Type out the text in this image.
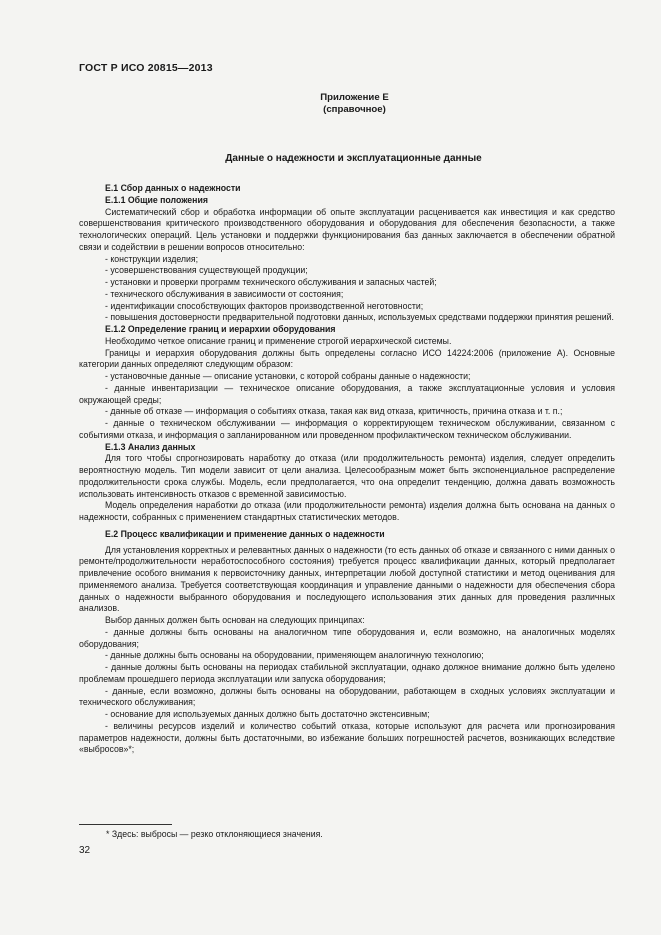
ГОСТ Р ИСО 20815—2013
Приложение Е
(справочное)
Данные о надежности и эксплуатационные данные

Е.1 Сбор данных о надежности

Е.1.1 Общие положения

Систематический сбор и обработка информации об опыте эксплуатации расценивается как инвестиция и как средство совершенствования критического производственного оборудования и оборудования для обеспечения безопасности, а также технологических операций. Цель установки и поддержки функционирования баз данных заключается в обеспечении обратной связи и содействии в решении вопросов относительно:

- конструкции изделия;

- усовершенствования существующей продукции;

- установки и проверки программ технического обслуживания и запасных частей;

- технического обслуживания в зависимости от состояния;

- идентификации способствующих факторов производственной неготовности;

- повышения достоверности предварительной подготовки данных, используемых средствами поддержки принятия решений.

Е.1.2 Определение границ и иерархии оборудования

Необходимо четкое описание границ и применение строгой иерархической системы.

Границы и иерархия оборудования должны быть определены согласно ИСО 14224:2006 (приложение А). Основные категории данных определяют следующим образом:

- установочные данные — описание установки, с которой собраны данные о надежности;

- данные инвентаризации — техническое описание оборудования, а также эксплуатационные условия и условия окружающей среды;

- данные об отказе — информация о событиях отказа, такая как вид отказа, критичность, причина отказа и т. п.;

- данные о техническом обслуживании — информация о корректирующем техническом обслуживании, связанном с событиями отказа, и информация о запланированном или проведенном профилактическом техническом обслуживании.

Е.1.3 Анализ данных

Для того чтобы спрогнозировать наработку до отказа (или продолжительность ремонта) изделия, следует определить вероятностную модель. Тип модели зависит от цели анализа. Целесообразным может быть экспоненциальное распределение продолжительности срока службы. Модель, если предполагается, что она определит тенденцию, должна давать возможность использовать интенсивность отказов с временной зависимостью.

Модель определения наработки до отказа (или продолжительности ремонта) изделия должна быть основана на данных о надежности, собранных с применением стандартных статистических методов.

Е.2 Процесс квалификации и применение данных о надежности

Для установления корректных и релевантных данных о надежности (то есть данных об отказе и связанного с ними данных о ремонте/продолжительности неработоспособного состояния) требуется процесс квалификации данных, который предполагает привлечение особого внимания к первоисточнику данных, интерпретации любой доступной статистики и метод оценивания для применяемого анализа. Требуется соответствующая координация и управление данными о надежности для обеспечения сбора данных о надежности выбранного оборудования и последующего использования этих данных для проведения различных анализов.

Выбор данных должен быть основан на следующих принципах:

- данные должны быть основаны на аналогичном типе оборудования и, если возможно, на аналогичных моделях оборудования;

- данные должны быть основаны на оборудовании, применяющем аналогичную технологию;

- данные должны быть основаны на периодах стабильной эксплуатации, однако должное внимание должно быть уделено проблемам прошедшего периода эксплуатации или запуска оборудования;

- данные, если возможно, должны быть основаны на оборудовании, работающем в сходных условиях эксплуатации и технического обслуживания;

- основание для используемых данных должно быть достаточно экстенсивным;

- величины ресурсов изделий и количество событий отказа, которые используют для расчета или прогнозирования параметров надежности, должны быть достаточными, во избежание больших погрешностей расчетов, возникающих вследствие «выбросов»*;

* Здесь: выбросы — резко отклоняющиеся значения.
32
